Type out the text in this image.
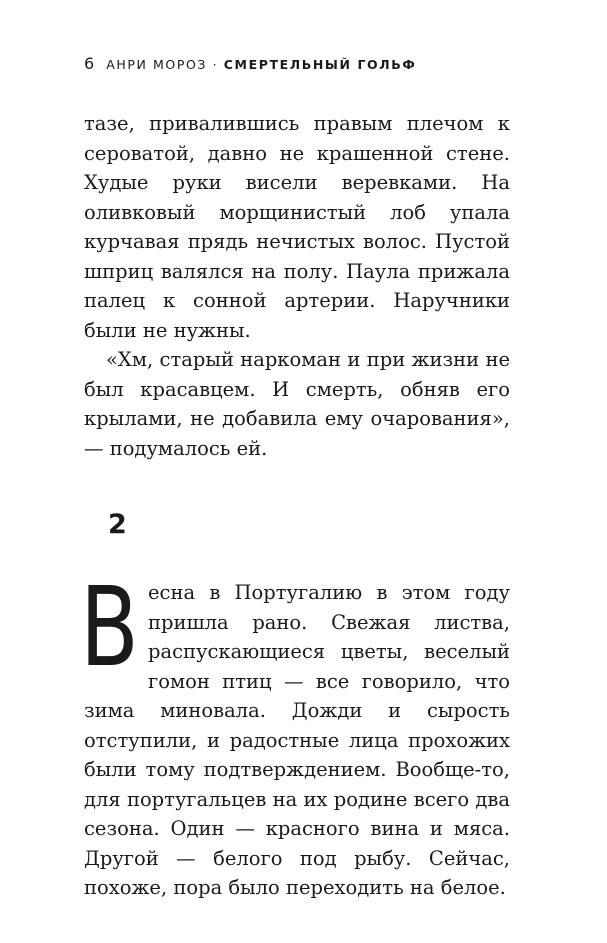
6 АНРИ МОРОЗ · СМЕРТЕЛЬНЫЙ ГОЛЬФ

тазе, привалившись правым плечом к сероватой, давно не крашенной стене. Худые руки висели веревками. На оливковый морщинистый лоб упала курчавая прядь нечистых волос. Пустой шприц валялся на полу. Паула прижала палец к сонной артерии. Наручники были не нужны.

«Хм, старый наркоман и при жизни не был красавцем. И смерть, обняв его крылами, не добавила ему очарования», — подумалось ей.

2

Весна в Португалию в этом году пришла рано. Свежая листва, распускающиеся цветы, веселый гомон птиц — все говорило, что зима миновала. Дожди и сырость отступили, и радостные лица прохожих были тому подтверждением. Вообще-то, для португальцев на их родине всего два сезона. Один — красного вина и мяса. Другой — белого под рыбу. Сейчас, похоже, пора было переходить на белое.
